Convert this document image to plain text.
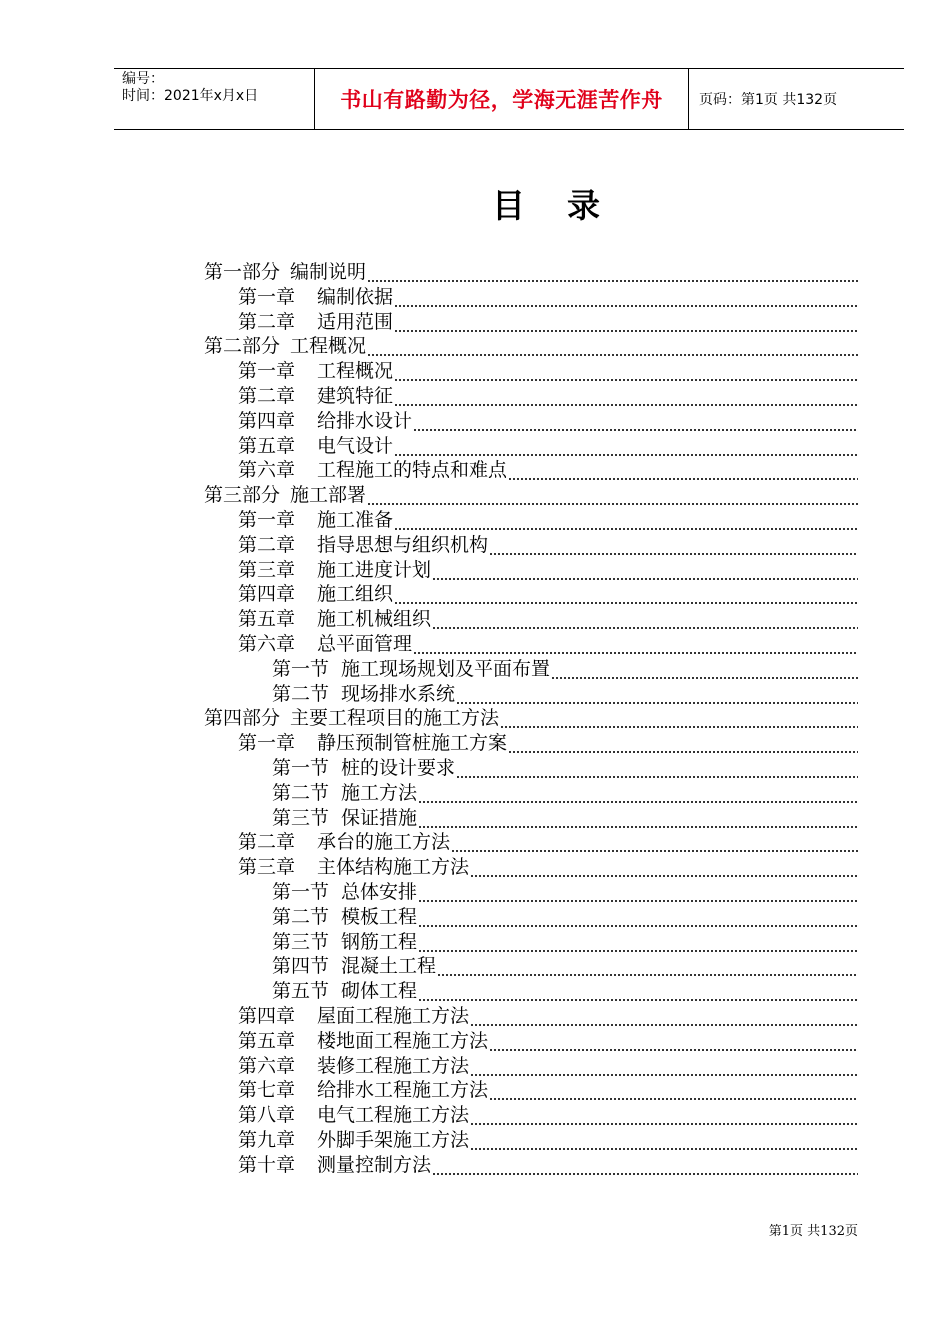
编号：
时间：2021年x月x日	书山有路勤为径，学海无涯苦作舟	页码：第1页 共132页
目 录
第一部分 编制说明
第一章 编制依据
第二章 适用范围
第二部分 工程概况
第一章 工程概况
第二章 建筑特征
第四章 给排水设计
第五章 电气设计
第六章 工程施工的特点和难点
第三部分 施工部署
第一章 施工准备
第二章 指导思想与组织机构
第三章 施工进度计划
第四章 施工组织
第五章 施工机械组织
第六章 总平面管理
第一节 施工现场规划及平面布置
第二节 现场排水系统
第四部分 主要工程项目的施工方法
第一章 静压预制管桩施工方案
第一节 桩的设计要求
第二节 施工方法
第三节 保证措施
第二章 承台的施工方法
第三章 主体结构施工方法
第一节 总体安排
第二节 模板工程
第三节 钢筋工程
第四节 混凝土工程
第五节 砌体工程
第四章 屋面工程施工方法
第五章 楼地面工程施工方法
第六章 装修工程施工方法
第七章 给排水工程施工方法
第八章 电气工程施工方法
第九章 外脚手架施工方法
第十章 测量控制方法
第1页 共132页
